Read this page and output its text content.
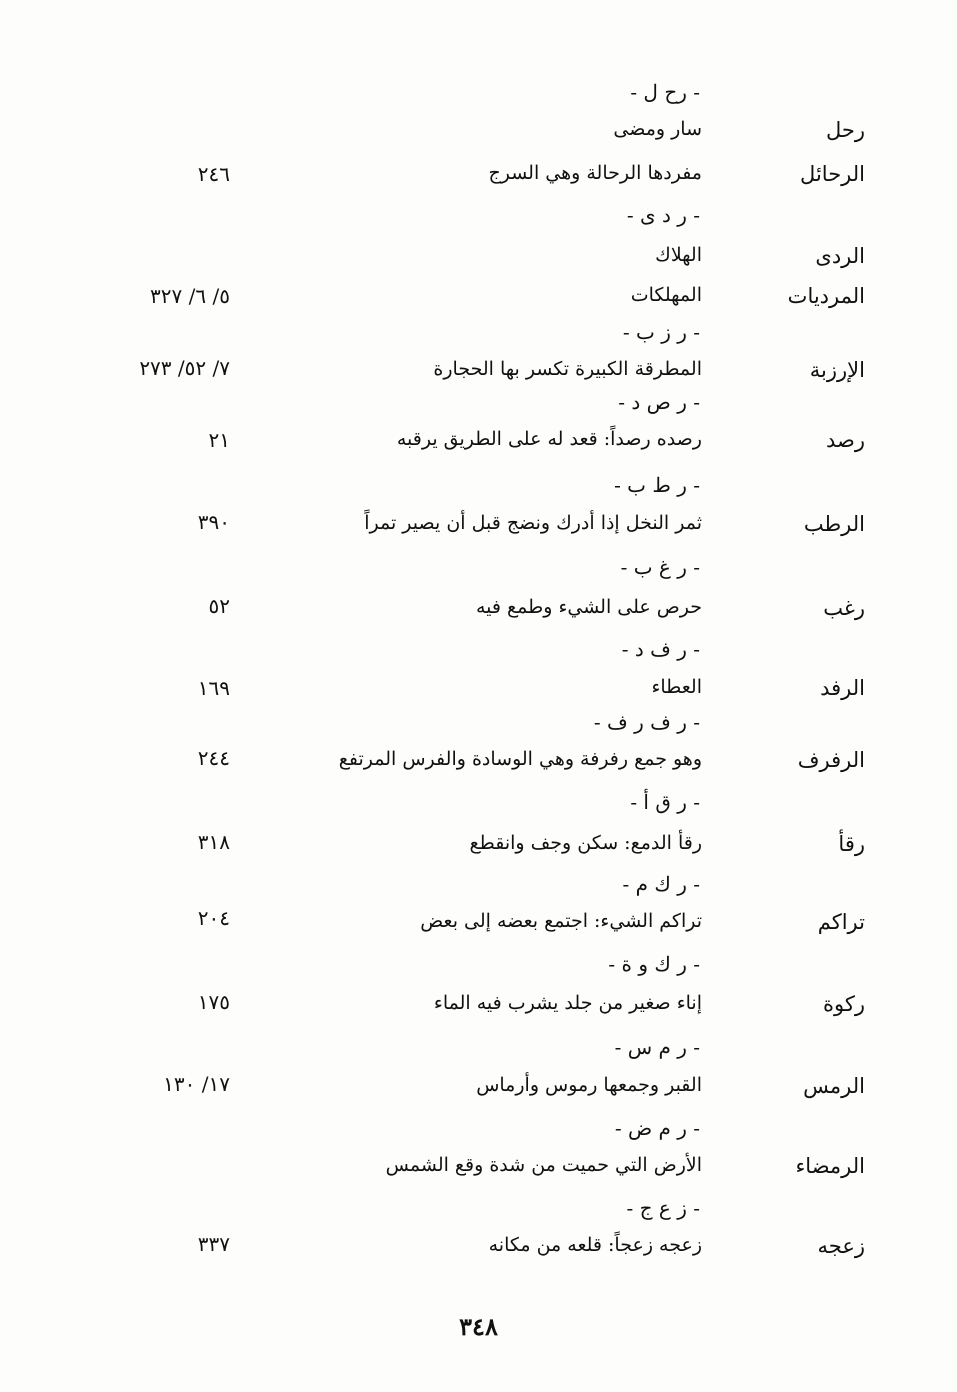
- رح ل -
رحل
سار ومضى
الرحائل
مفردها الرحالة وهي السرج
٢٤٦
- ر د ى -
الردى
الهلاك
المرديات
المهلكات
٥/ ٦/ ٣٢٧
- ر ز ب -
الإرزبة
المطرقة الكبيرة تكسر بها الحجارة
٧/ ٥٢/ ٢٧٣
- ر ص د -
رصد
رصده رصداً: قعد له على الطريق يرقبه
٢١
- ر ط ب -
الرطب
ثمر النخل إذا أدرك ونضج قبل أن يصير تمراً
٣٩٠
- ر غ ب -
رغب
حرص على الشيء وطمع فيه
٥٢
- ر ف د -
الرفد
العطاء
١٦٩
- ر ف ر ف -
الرفرف
وهو جمع رفرفة وهي الوسادة والفرس المرتفع
٢٤٤
- ر ق أ -
رقأ
رقأ الدمع: سكن وجف وانقطع
٣١٨
- ر ك م -
تراكم
تراكم الشيء: اجتمع بعضه إلى بعض
٢٠٤
- ر ك و ة -
ركوة
إناء صغير من جلد يشرب فيه الماء
١٧٥
- ر م س -
الرمس
القبر وجمعها رموس وأرماس
١٧/ ١٣٠
- ر م ض -
الرمضاء
الأرض التي حميت من شدة وقع الشمس
- ز ع ج -
زعجه
زعجه زعجاً: قلعه من مكانه
٣٣٧
٣٤٨
